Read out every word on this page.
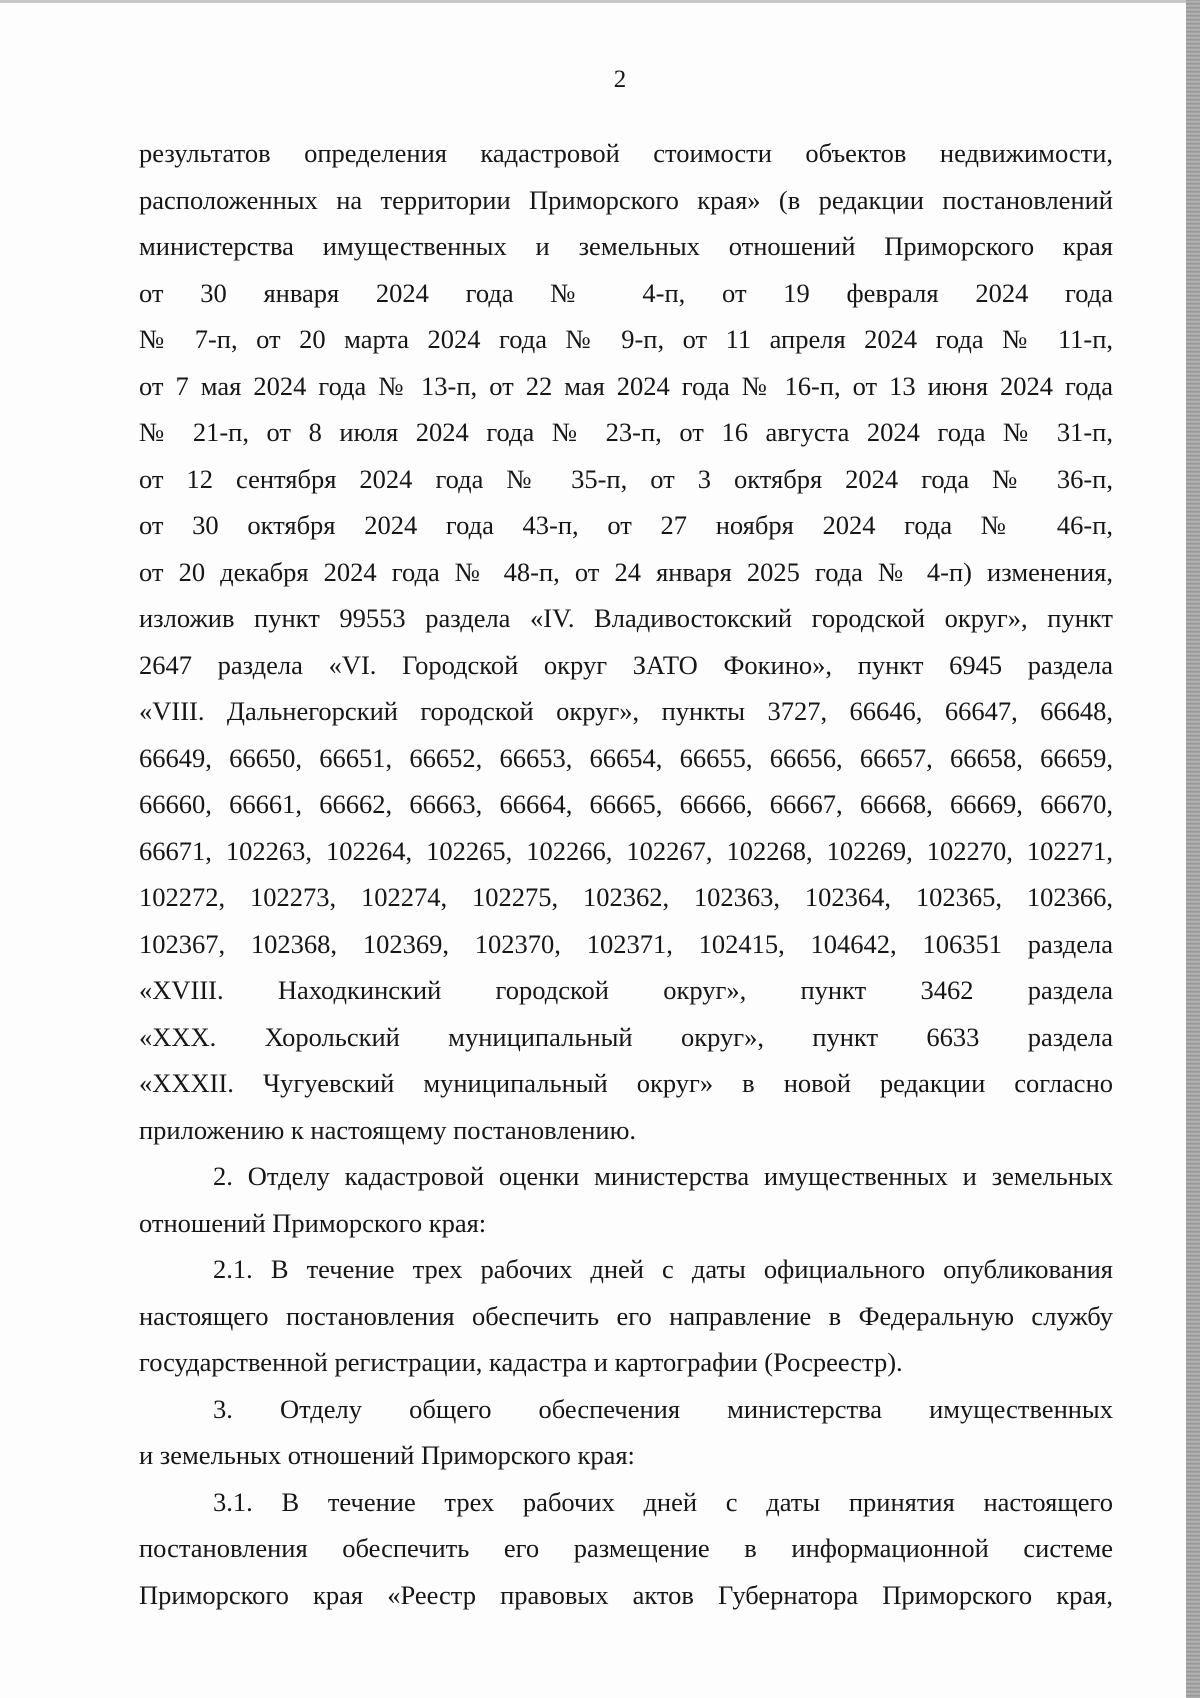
2

результатов определения кадастровой стоимости объектов недвижимости,

расположенных на территории Приморского края» (в редакции постановлений

министерства имущественных и земельных отношений Приморского края

от 30 января 2024 года № 4-п, от 19 февраля 2024 года

№ 7-п, от 20 марта 2024 года № 9-п, от 11 апреля 2024 года № 11-п,

от 7 мая 2024 года № 13-п, от 22 мая 2024 года № 16-п, от 13 июня 2024 года

№ 21-п, от 8 июля 2024 года № 23-п, от 16 августа 2024 года № 31-п,

от 12 сентября 2024 года № 35-п, от 3 октября 2024 года № 36-п,

от 30 октября 2024 года 43-п, от 27 ноября 2024 года № 46-п,

от 20 декабря 2024 года № 48-п, от 24 января 2025 года № 4-п) изменения,

изложив пункт 99553 раздела «IV. Владивостокский городской округ», пункт

2647 раздела «VI. Городской округ ЗАТО Фокино», пункт 6945 раздела

«VIII. Дальнегорский городской округ», пункты 3727, 66646, 66647, 66648,

66649, 66650, 66651, 66652, 66653, 66654, 66655, 66656, 66657, 66658, 66659,

66660, 66661, 66662, 66663, 66664, 66665, 66666, 66667, 66668, 66669, 66670,

66671, 102263, 102264, 102265, 102266, 102267, 102268, 102269, 102270, 102271,

102272, 102273, 102274, 102275, 102362, 102363, 102364, 102365, 102366,

102367, 102368, 102369, 102370, 102371, 102415, 104642, 106351 раздела

«XVIII. Находкинский городской округ», пункт 3462 раздела

«XXX. Хорольский муниципальный округ», пункт 6633 раздела

«XXXII. Чугуевский муниципальный округ» в новой редакции согласно

приложению к настоящему постановлению.

2. Отделу кадастровой оценки министерства имущественных и земельных

отношений Приморского края:

2.1. В течение трех рабочих дней с даты официального опубликования

настоящего постановления обеспечить его направление в Федеральную службу

государственной регистрации, кадастра и картографии (Росреестр).

3. Отделу общего обеспечения министерства имущественных

и земельных отношений Приморского края:

3.1. В течение трех рабочих дней с даты принятия настоящего

постановления обеспечить его размещение в информационной системе

Приморского края «Реестр правовых актов Губернатора Приморского края,
